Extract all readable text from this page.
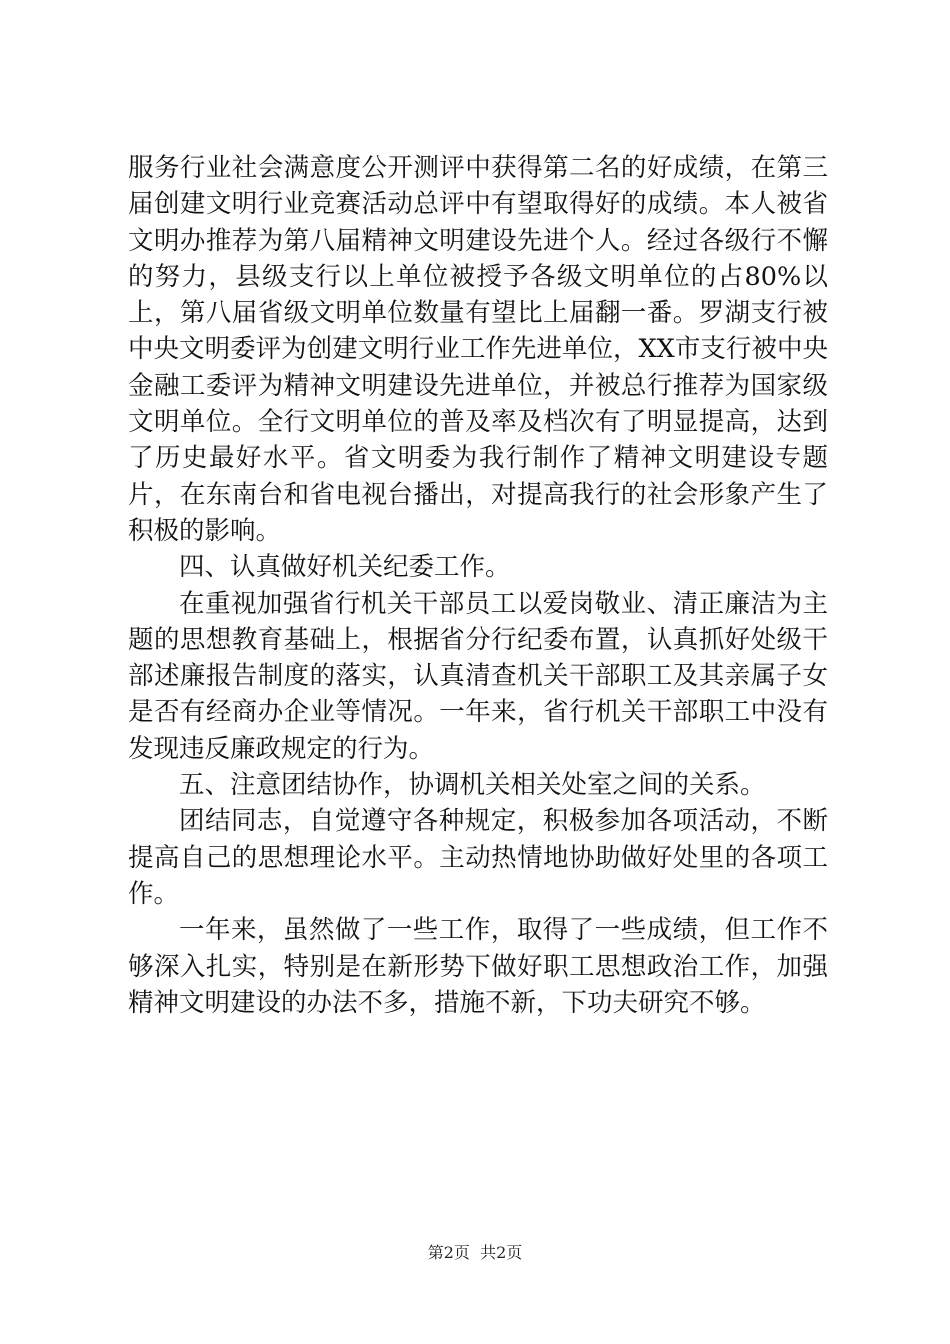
服务行业社会满意度公开测评中获得第二名的好成绩，在第三届创建文明行业竞赛活动总评中有望取得好的成绩。本人被省文明办推荐为第八届精神文明建设先进个人。经过各级行不懈的努力，县级支行以上单位被授予各级文明单位的占80%以上，第八届省级文明单位数量有望比上届翻一番。罗湖支行被中央文明委评为创建文明行业工作先进单位，XX市支行被中央金融工委评为精神文明建设先进单位，并被总行推荐为国家级文明单位。全行文明单位的普及率及档次有了明显提高，达到了历史最好水平。省文明委为我行制作了精神文明建设专题片，在东南台和省电视台播出，对提高我行的社会形象产生了积极的影响。

四、认真做好机关纪委工作。

在重视加强省行机关干部员工以爱岗敬业、清正廉洁为主题的思想教育基础上，根据省分行纪委布置，认真抓好处级干部述廉报告制度的落实，认真清查机关干部职工及其亲属子女是否有经商办企业等情况。一年来，省行机关干部职工中没有发现违反廉政规定的行为。

五、注意团结协作，协调机关相关处室之间的关系。

团结同志，自觉遵守各种规定，积极参加各项活动，不断提高自己的思想理论水平。主动热情地协助做好处里的各项工作。

一年来，虽然做了一些工作，取得了一些成绩，但工作不够深入扎实，特别是在新形势下做好职工思想政治工作，加强精神文明建设的办法不多，措施不新，下功夫研究不够。

第2页  共2页
